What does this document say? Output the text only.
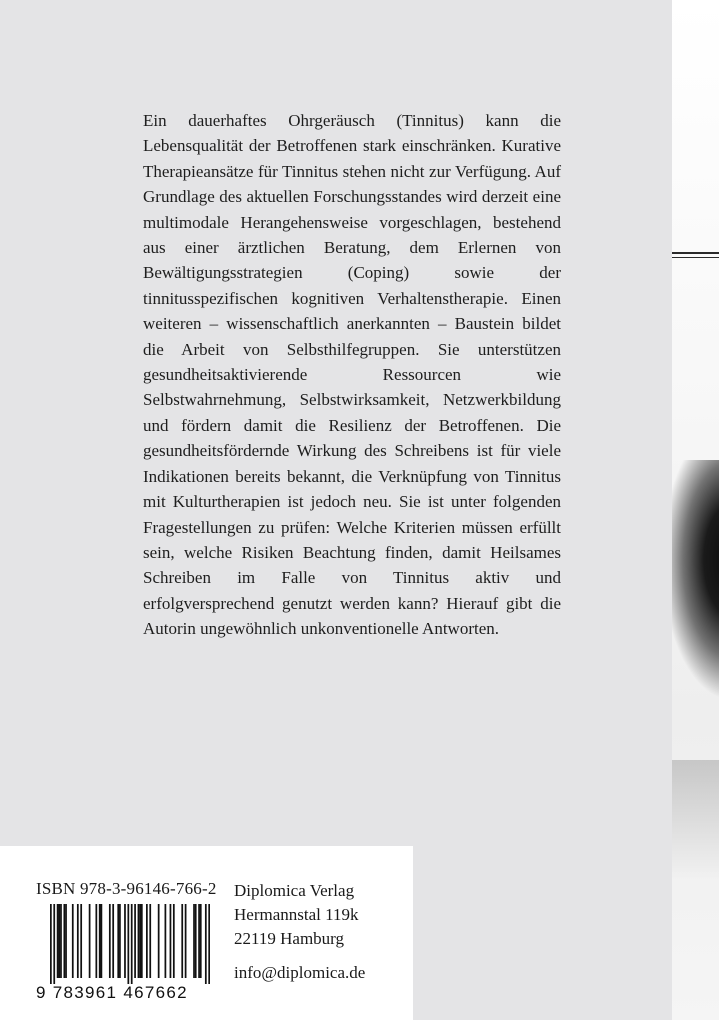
Ein dauerhaftes Ohrgeräusch (Tinnitus) kann die Lebensqualität der Betroffenen stark einschränken. Kurative Therapieansätze für Tinnitus stehen nicht zur Verfügung. Auf Grundlage des aktuellen Forschungsstandes wird derzeit eine multimodale Herangehensweise vorgeschlagen, bestehend aus einer ärztlichen Beratung, dem Erlernen von Bewältigungsstrategien (Coping) sowie der tinnitusspezifischen kognitiven Verhaltenstherapie. Einen weiteren – wissenschaftlich anerkannten – Baustein bildet die Arbeit von Selbsthilfegruppen. Sie unterstützen gesundheitsaktivierende Ressourcen wie Selbstwahrnehmung, Selbstwirksamkeit, Netzwerkbildung und fördern damit die Resilienz der Betroffenen. Die gesundheitsfördernde Wirkung des Schreibens ist für viele Indikationen bereits bekannt, die Verknüpfung von Tinnitus mit Kulturtherapien ist jedoch neu. Sie ist unter folgenden Fragestellungen zu prüfen: Welche Kriterien müssen erfüllt sein, welche Risiken Beachtung finden, damit Heilsames Schreiben im Falle von Tinnitus aktiv und erfolgversprechend genutzt werden kann? Hierauf gibt die Autorin ungewöhnlich unkonventionelle Antworten.

ISBN 978-3-96146-766-2
9 783961 467662
Diplomica Verlag
Hermannstal 119k
22119 Hamburg
info@diplomica.de
